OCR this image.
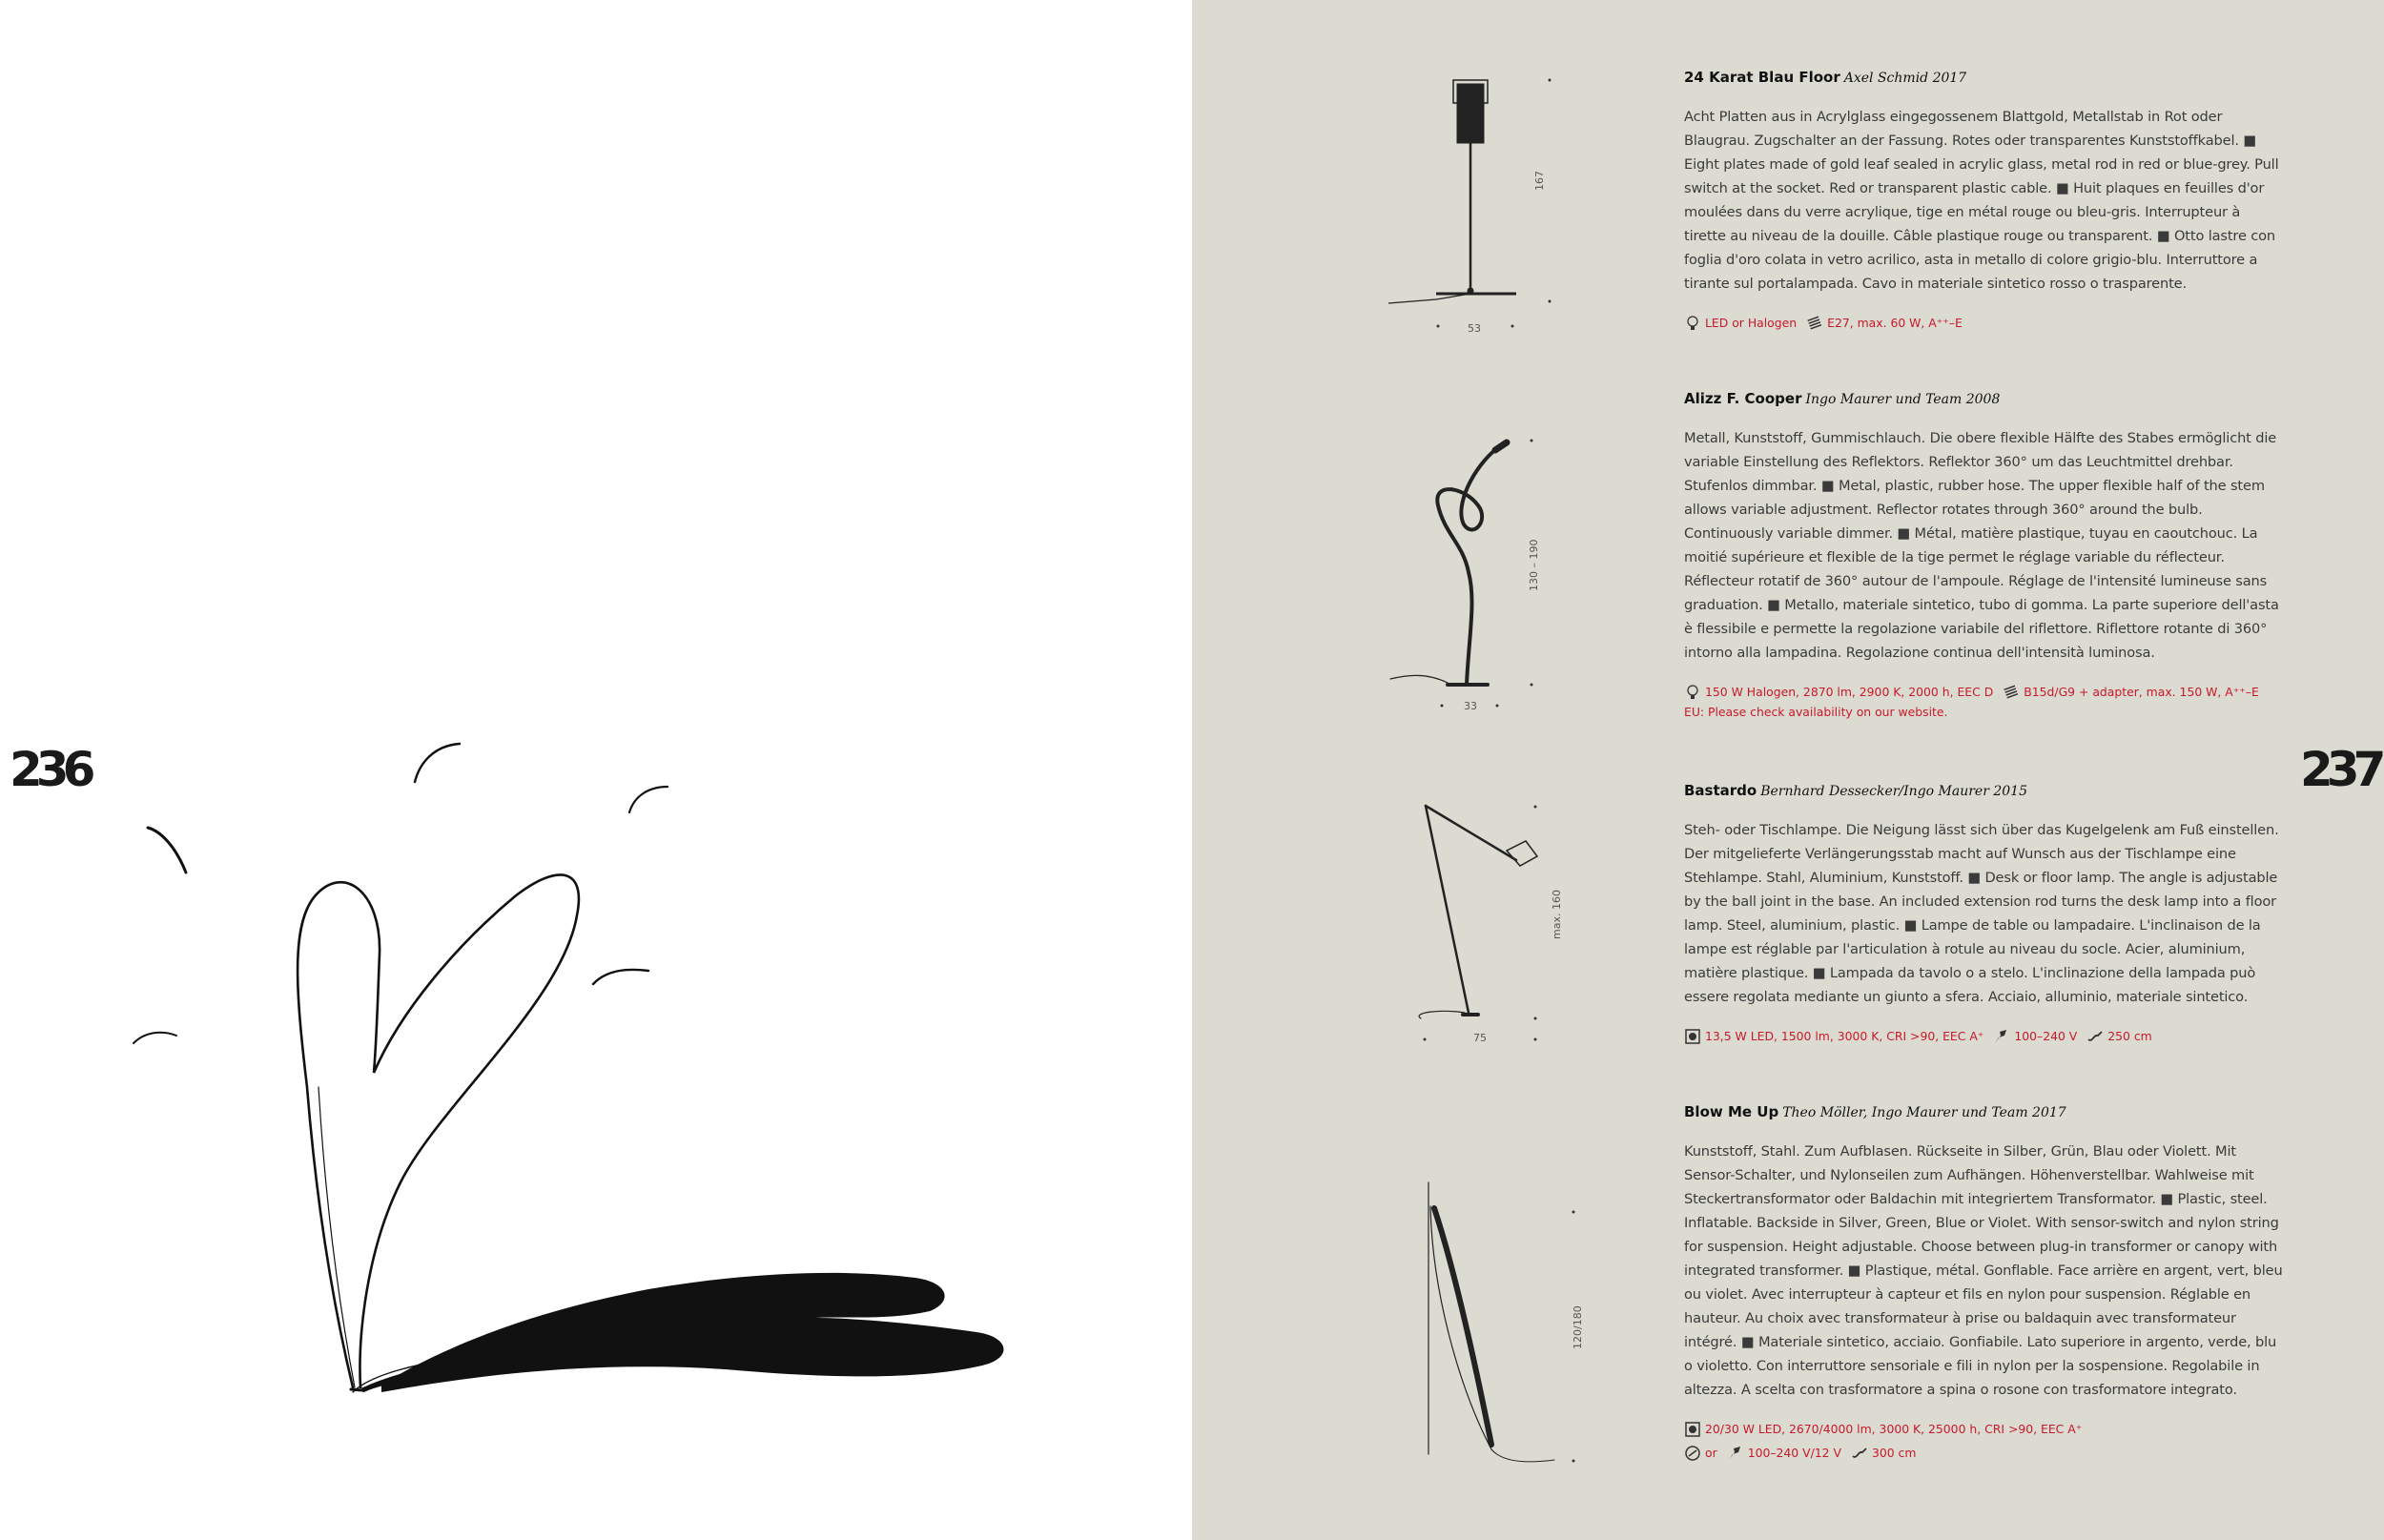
236	237
167
53
130 – 190
33
max. 160
75
120/180
24 Karat Blau Floor Axel Schmid 2017
Acht Platten aus in Acrylglass eingegossenem Blattgold, Metallstab in Rot oder Blaugrau. Zugschalter an der Fassung. Rotes oder transparentes Kunststoffkabel. ■ Eight plates made of gold leaf sealed in acrylic glass, metal rod in red or blue-grey. Pull switch at the socket. Red or transparent plastic cable. ■ Huit plaques en feuilles d'or moulées dans du verre acrylique, tige en métal rouge ou bleu-gris. Interrupteur à tirette au niveau de la douille. Câble plastique rouge ou transparent. ■ Otto lastre con foglia d'oro colata in vetro acrilico, asta in metallo di colore grigio-blu. Interruttore a tirante sul portalampada. Cavo in materiale sintetico rosso o trasparente.
LED or Halogen	E27, max. 60 W, A⁺⁺–E
Alizz F. Cooper Ingo Maurer und Team 2008
Metall, Kunststoff, Gummischlauch. Die obere flexible Hälfte des Stabes ermöglicht die variable Einstellung des Reflektors. Reflektor 360° um das Leuchtmittel drehbar. Stufenlos dimmbar. ■ Metal, plastic, rubber hose. The upper flexible half of the stem allows variable adjustment. Reflector rotates through 360° around the bulb. Continuously variable dimmer. ■ Métal, matière plastique, tuyau en caoutchouc. La moitié supérieure et flexible de la tige permet le réglage variable du réflecteur. Réflecteur rotatif de 360° autour de l'ampoule. Réglage de l'intensité lumineuse sans graduation. ■ Metallo, materiale sintetico, tubo di gomma. La parte superiore dell'asta è flessibile e permette la regolazione variabile del riflettore. Riflettore rotante di 360° intorno alla lampadina. Regolazione continua dell'intensità luminosa.
150 W Halogen, 2870 lm, 2900 K, 2000 h, EEC D	B15d/G9 + adapter, max. 150 W, A⁺⁺–E
EU: Please check availability on our website.
Bastardo Bernhard Dessecker/Ingo Maurer 2015
Steh- oder Tischlampe. Die Neigung lässt sich über das Kugelgelenk am Fuß einstellen. Der mitgelieferte Verlängerungsstab macht auf Wunsch aus der Tischlampe eine Stehlampe. Stahl, Aluminium, Kunststoff. ■ Desk or floor lamp. The angle is adjustable by the ball joint in the base. An included extension rod turns the desk lamp into a floor lamp. Steel, aluminium, plastic. ■ Lampe de table ou lampadaire. L'inclinaison de la lampe est réglable par l'articulation à rotule au niveau du socle. Acier, aluminium, matière plastique. ■ Lampada da tavolo o a stelo. L'inclinazione della lampada può essere regolata mediante un giunto a sfera. Acciaio, alluminio, materiale sintetico.
13,5 W LED, 1500 lm, 3000 K, CRI >90, EEC A⁺	100–240 V	250 cm
Blow Me Up Theo Möller, Ingo Maurer und Team 2017
Kunststoff, Stahl. Zum Aufblasen. Rückseite in Silber, Grün, Blau oder Violett. Mit Sensor-Schalter, und Nylonseilen zum Aufhängen. Höhenverstellbar. Wahlweise mit Steckertransformator oder Baldachin mit integriertem Transformator. ■ Plastic, steel. Inflatable. Backside in Silver, Green, Blue or Violet. With sensor-switch and nylon string for suspension. Height adjustable. Choose between plug-in transformer or canopy with integrated transformer. ■ Plastique, métal. Gonflable. Face arrière en argent, vert, bleu ou violet. Avec interrupteur à capteur et fils en nylon pour suspension. Réglable en hauteur. Au choix avec transformateur à prise ou baldaquin avec transformateur intégré. ■ Materiale sintetico, acciaio. Gonfiabile. Lato superiore in argento, verde, blu o violetto. Con interruttore sensoriale e fili in nylon per la sospensione. Regolabile in altezza. A scelta con trasformatore a spina o rosone con trasformatore integrato.
20/30 W LED, 2670/4000 lm, 3000 K, 25000 h, CRI >90, EEC A⁺
or	100–240 V/12 V	300 cm
